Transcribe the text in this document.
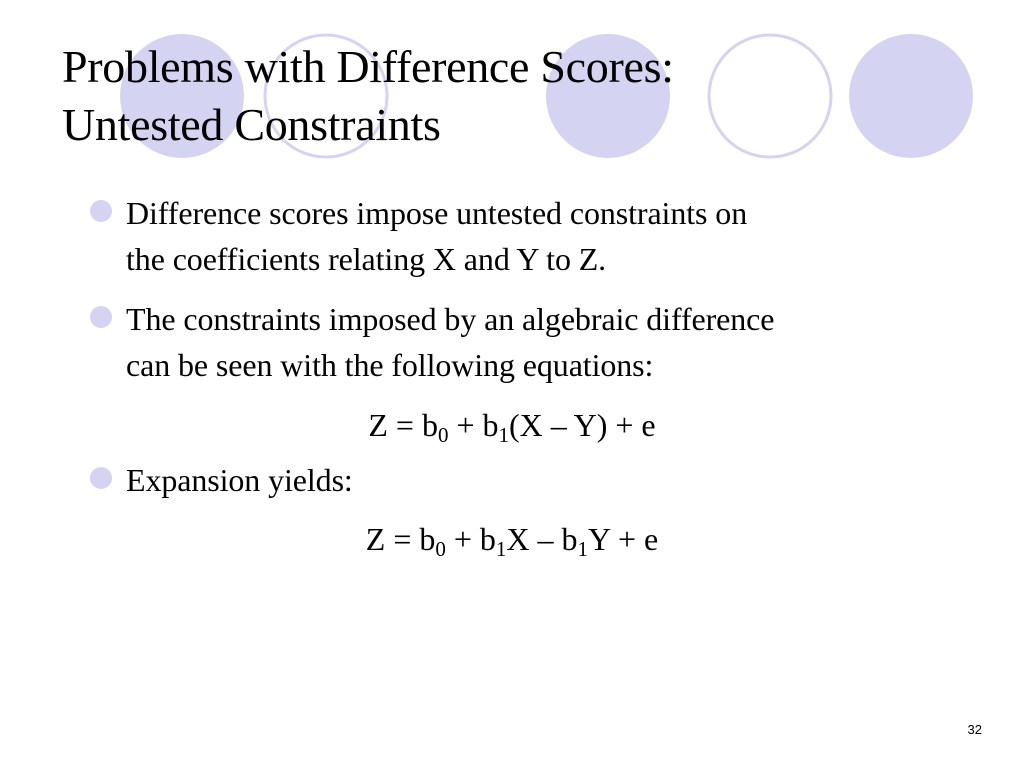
Problems with Difference Scores:
Untested Constraints
Difference scores impose untested constraints on
the coefficients relating X and Y to Z.
The constraints imposed by an algebraic difference
can be seen with the following equations:

$Z = b_0 + b_1(X - Y) + e$

Expansion yields:

$Z = b_0 + b_1X - b_1Y + e$

32
